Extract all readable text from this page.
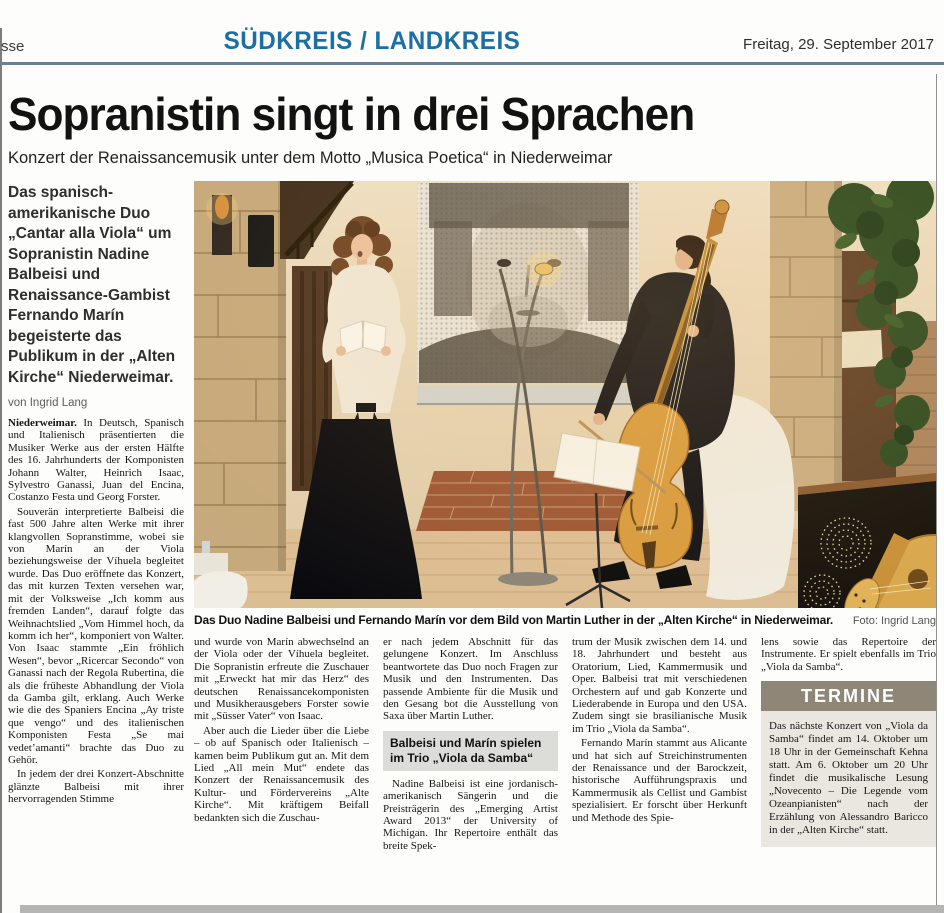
sse	SÜDKREIS / LANDKREIS	Freitag, 29. September 2017
Sopranistin singt in drei Sprachen
Konzert der Renaissancemusik unter dem Motto „Musica Poetica“ in Niederweimar

Das spanisch-amerikanische Duo „Cantar alla Viola“ um Sopranistin Nadine Balbeisi und Renaissance-Gambist Fernando Marín begeisterte das Publikum in der „Alten Kirche“ Niederweimar.

von Ingrid Lang

Niederweimar. In Deutsch, Spanisch und Italienisch präsentierten die Musiker Werke aus der ersten Hälfte des 16. Jahrhunderts der Komponisten Johann Walter, Heinrich Isaac, Sylvestro Ganassi, Juan del Encina, Costanzo Festa und Georg Forster.

Souverän interpretierte Balbeisi die fast 500 Jahre alten Werke mit ihrer klangvollen Sopranstimme, wobei sie von Marín an der Viola beziehungsweise der Víhuela begleitet wurde. Das Duo eröffnete das Konzert, das mit kurzen Texten versehen war, mit der Volksweise „Ich komm aus fremden Landen“, darauf folgte das Weihnachtslied „Vom Himmel hoch, da komm ich her“, komponiert von Walter. Von Isaac stammte „Ein fröhlich Wesen“, bevor „Ricercar Secondo“ von Ganassi nach der Regola Rubertina, die als die früheste Abhandlung der Viola da Gamba gilt, erklang. Auch Werke wie die des Spaniers Encina „Ay triste que vengo“ und des italienischen Komponisten Festa „Se mai vedet’amanti“ brachte das Duo zu Gehör.

In jedem der drei Konzert-Abschnitte glänzte Balbeisi mit ihrer hervorragenden Stimme

Das Duo Nadine Balbeisi und Fernando Marín vor dem Bild von Martin Luther in der „Alten Kirche“ in Niederweimar. Foto: Ingrid Lang

und wurde von Marín abwechselnd an der Viola oder der Víhuela begleitet. Die Sopranistin erfreute die Zuschauer mit „Erweckt hat mir das Herz“ des deutschen Renaissancekomponisten und Musikherausgebers Forster sowie mit „Süsser Vater“ von Isaac.

Aber auch die Lieder über die Liebe – ob auf Spanisch oder Italienisch – kamen beim Publikum gut an. Mit dem Lied „All mein Mut“ endete das Konzert der Renaissancemusik des Kultur- und Fördervereins „Alte Kirche“. Mit kräftigem Beifall bedankten sich die Zuschau-

er nach jedem Abschnitt für das gelungene Konzert. Im Anschluss beantwortete das Duo noch Fragen zur Musik und den Instrumenten. Das passende Ambiente für die Musik und den Gesang bot die Ausstellung von Saxa über Martin Luther.

Balbeisi und Marín spielen im Trio „Viola da Samba“

Nadine Balbeisi ist eine jordanisch-amerikanisch Sängerin und die Preisträgerin des „Emerging Artist Award 2013“ der University of Michigan. Ihr Repertoire enthält das breite Spek-

trum der Musik zwischen dem 14. und 18. Jahrhundert und besteht aus Oratorium, Lied, Kammermusik und Oper. Balbeisi trat mit verschiedenen Orchestern auf und gab Konzerte und Liederabende in Europa und den USA. Zudem singt sie brasilianische Musik im Trio „Viola da Samba“.

Fernando Marín stammt aus Alicante und hat sich auf Streichinstrumenten der Renaissance und der Barockzeit, historische Aufführungspraxis und Kammermusik als Cellist und Gambist spezialisiert. Er forscht über Herkunft und Methode des Spie-

lens sowie das Repertoire der Instrumente. Er spielt ebenfalls im Trio „Viola da Samba“.

TERMINE
Das nächste Konzert von „Viola da Samba“ findet am 14. Oktober um 18 Uhr in der Gemeinschaft Kehna statt. Am 6. Oktober um 20 Uhr findet die musikalische Lesung „Novecento – Die Legende vom Ozeanpianisten“ nach der Erzählung von Alessandro Baricco in der „Alten Kirche“ statt.
